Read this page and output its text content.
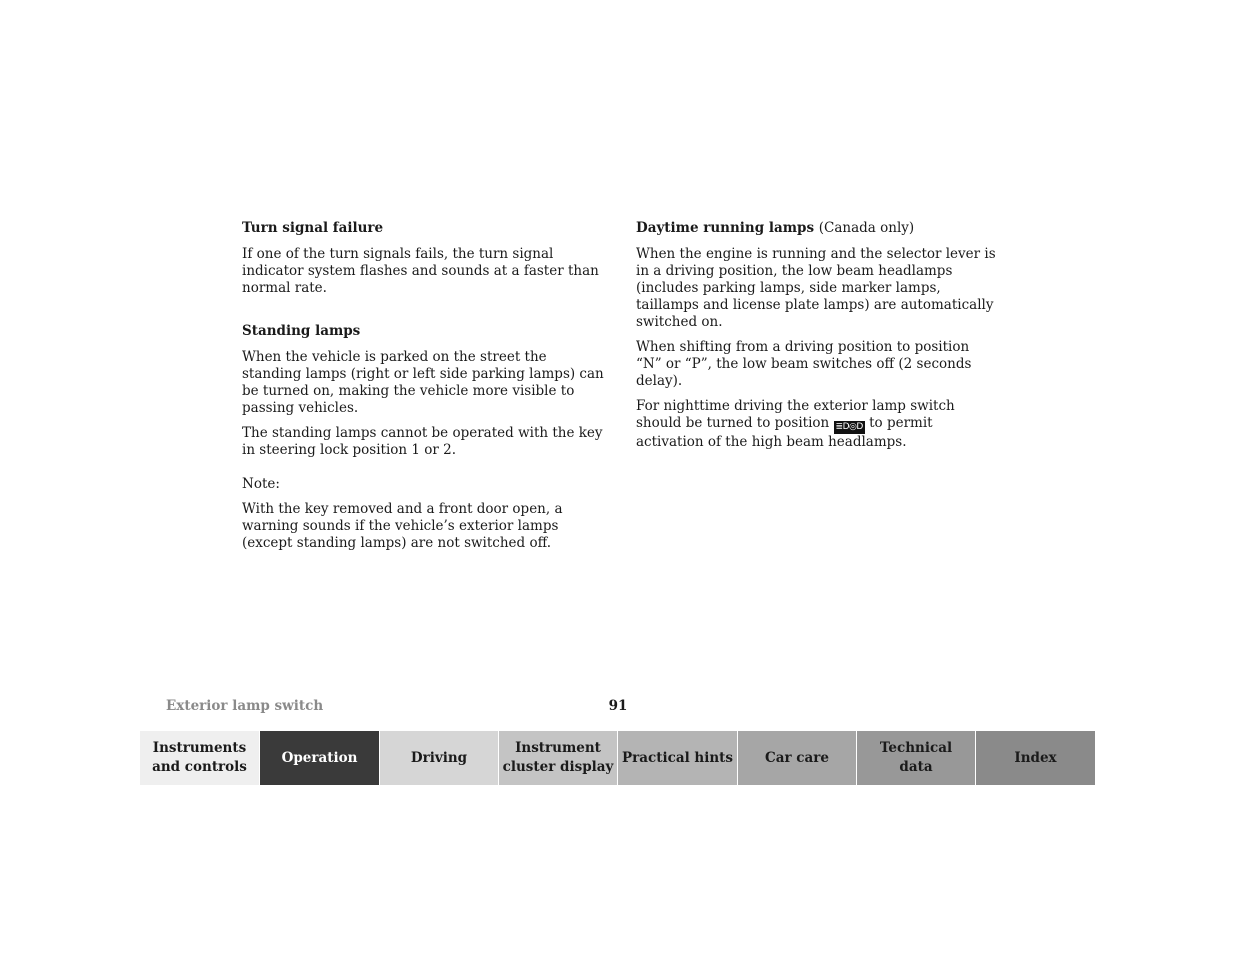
Turn signal failure
If one of the turn signals fails, the turn signal indicator system flashes and sounds at a faster than normal rate.
Standing lamps
When the vehicle is parked on the street the standing lamps (right or left side parking lamps) can be turned on, making the vehicle more visible to passing vehicles.
The standing lamps cannot be operated with the key in steering lock position 1 or 2.
Note:
With the key removed and a front door open, a warning sounds if the vehicle’s exterior lamps (except standing lamps) are not switched off.
Daytime running lamps (Canada only)
When the engine is running and the selector lever is in a driving position, the low beam headlamps (includes parking lamps, side marker lamps, taillamps and license plate lamps) are automatically switched on.
When shifting from a driving position to position “N” or “P”, the low beam switches off (2 seconds delay).
For nighttime driving the exterior lamp switch should be turned to position ≣D◎D to permit activation of the high beam headlamps.
Exterior lamp switch	91
Instruments
and controls
Operation	Driving
Instrument
cluster display
Practical hints Car care
Technical
data
Index
